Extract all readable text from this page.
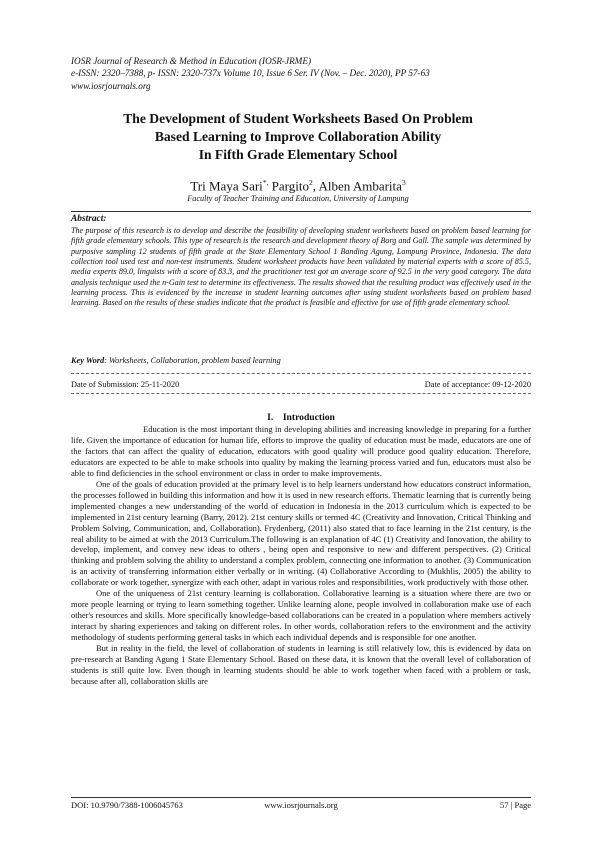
IOSR Journal of Research & Method in Education (IOSR-JRME)
e-ISSN: 2320–7388, p- ISSN: 2320-737x Volume 10, Issue 6 Ser. IV (Nov. – Dec. 2020), PP 57-63
www.iosrjournals.org
The Development of Student Worksheets Based On Problem
Based Learning to Improve Collaboration Ability
In Fifth Grade Elementary School
Tri Maya Sari*, Pargito$^2$, Alben Ambarita$^3$
Faculty of Teacher Training and Education, University of Lampung
Abstract:
The purpose of this research is to develop and describe the feasibility of developing student worksheets based on problem based learning for fifth grade elementary schools. This type of research is the research and development theory of Borg and Gall. The sample was determined by purposive sampling 12 students of fifth grade at the State Elementary School 1 Banding Agung, Lampung Province, Indonesia. The data collection tool used test and non-test instruments. Student worksheet products have been validated by material experts with a score of 85.5, media experts 89.0, linguists with a score of 83.3, and the practitioner test got an average score of 92.5 in the very good category. The data analysis technique used the n-Gain test to determine its effectiveness. The results showed that the resulting product was effectively used in the learning process. This is evidenced by the increase in student learning outcomes after using student worksheets based on problem based learning. Based on the results of these studies indicate that the product is feasible and effective for use of fifth grade elementary school.
Key Word: Worksheets, Collaboration, problem based learning
Date of Submission: 25-11-2020	Date of acceptance: 09-12-2020
I.    Introduction

Education is the most important thing in developing abilities and increasing knowledge in preparing for a further life. Given the importance of education for human life, efforts to improve the quality of education must be made, educators are one of the factors that can affect the quality of education, educators with good quality will produce good quality education. Therefore, educators are expected to be able to make schools into quality by making the learning process varied and fun, educators must also be able to find deficiencies in the school environment or class in order to make improvements.

One of the goals of education provided at the primary level is to help learners understand how educators construct information, the processes followed in building this information and how it is used in new research efforts. Thematic learning that is currently being implemented changes a new understanding of the world of education in Indonesia in the 2013 curriculum which is expected to be implemented in 21st century learning (Barry, 2012). 21st century skills or termed 4C (Creativity and Innovation, Critical Thinking and Problem Solving, Communication, and, Collaboration). Frydenberg, (2011) also stated that to face learning in the 21st century, is the real ability to be aimed at with the 2013 Curriculum.The following is an explanation of 4C (1) Creativity and Innovation, the ability to develop, implement, and convey new ideas to others , being open and responsive to new and different perspectives. (2) Critical thinking and problem solving the ability to understand a complex problem, connecting one information to another. (3) Communication is an activity of transferring information either verbally or in writing. (4) Collaborative According to (Mukhlis, 2005) the ability to collaborate or work together, synergize with each other, adapt in various roles and responsibilities, work productively with those other.

One of the uniqueness of 21st century learning is collaboration. Collaborative learning is a situation where there are two or more people learning or trying to learn something together. Unlike learning alone, people involved in collaboration make use of each other's resources and skills. More specifically knowledge-based collaborations can be created in a population where members actively interact by sharing experiences and taking on different roles. In other words, collaboration refers to the environment and the activity methodology of students performing general tasks in which each individual depends and is responsible for one another.

But in reality in the field, the level of collaboration of students in learning is still relatively low, this is evidenced by data on pre-research at Banding Agung 1 State Elementary School. Based on these data, it is known that the overall level of collaboration of students is still quite low. Even though in learning students should be able to work together when faced with a problem or task, because after all, collaboration skills are

DOI: 10.9790/7388-1006045763	www.iosrjournals.org	57 | Page
